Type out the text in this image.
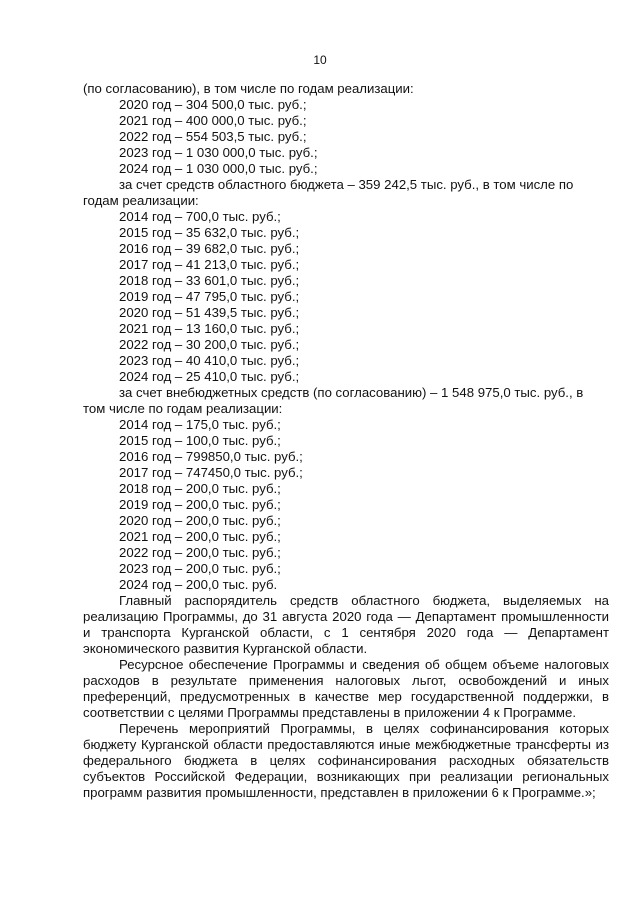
10
(по согласованию), в том числе по годам реализации:
2020 год – 304 500,0 тыс. руб.;
2021 год – 400 000,0 тыс. руб.;
2022 год – 554 503,5 тыс. руб.;
2023 год – 1 030 000,0 тыс. руб.;
2024 год – 1 030 000,0 тыс. руб.;
за счет средств областного бюджета – 359 242,5 тыс. руб., в том числе по
годам реализации:
2014 год – 700,0 тыс. руб.;
2015 год – 35 632,0 тыс. руб.;
2016 год – 39 682,0 тыс. руб.;
2017 год – 41 213,0 тыс. руб.;
2018 год – 33 601,0 тыс. руб.;
2019 год – 47 795,0 тыс. руб.;
2020 год – 51 439,5 тыс. руб.;
2021 год – 13 160,0 тыс. руб.;
2022 год – 30 200,0 тыс. руб.;
2023 год – 40 410,0 тыс. руб.;
2024 год – 25 410,0 тыс. руб.;
за счет внебюджетных средств (по согласованию) – 1 548 975,0 тыс. руб., в
том числе по годам реализации:
2014 год – 175,0 тыс. руб.;
2015 год – 100,0 тыс. руб.;
2016 год – 799850,0 тыс. руб.;
2017 год – 747450,0 тыс. руб.;
2018 год – 200,0 тыс. руб.;
2019 год – 200,0 тыс. руб.;
2020 год – 200,0 тыс. руб.;
2021 год – 200,0 тыс. руб.;
2022 год – 200,0 тыс. руб.;
2023 год – 200,0 тыс. руб.;
2024 год – 200,0 тыс. руб.

Главный распорядитель средств областного бюджета, выделяемых на реализацию Программы, до 31 августа 2020 года — Департамент промышленности и транспорта Курганской области, с 1 сентября 2020 года — Департамент экономического развития Курганской области.

Ресурсное обеспечение Программы и сведения об общем объеме налоговых расходов в результате применения налоговых льгот, освобождений и иных преференций, предусмотренных в качестве мер государственной поддержки, в соответствии с целями Программы представлены в приложении 4 к Программе.

Перечень мероприятий Программы, в целях софинансирования которых бюджету Курганской области предоставляются иные межбюджетные трансферты из федерального бюджета в целях софинансирования расходных обязательств субъектов Российской Федерации, возникающих при реализации региональных программ развития промышленности, представлен в приложении 6 к Программе.»;
